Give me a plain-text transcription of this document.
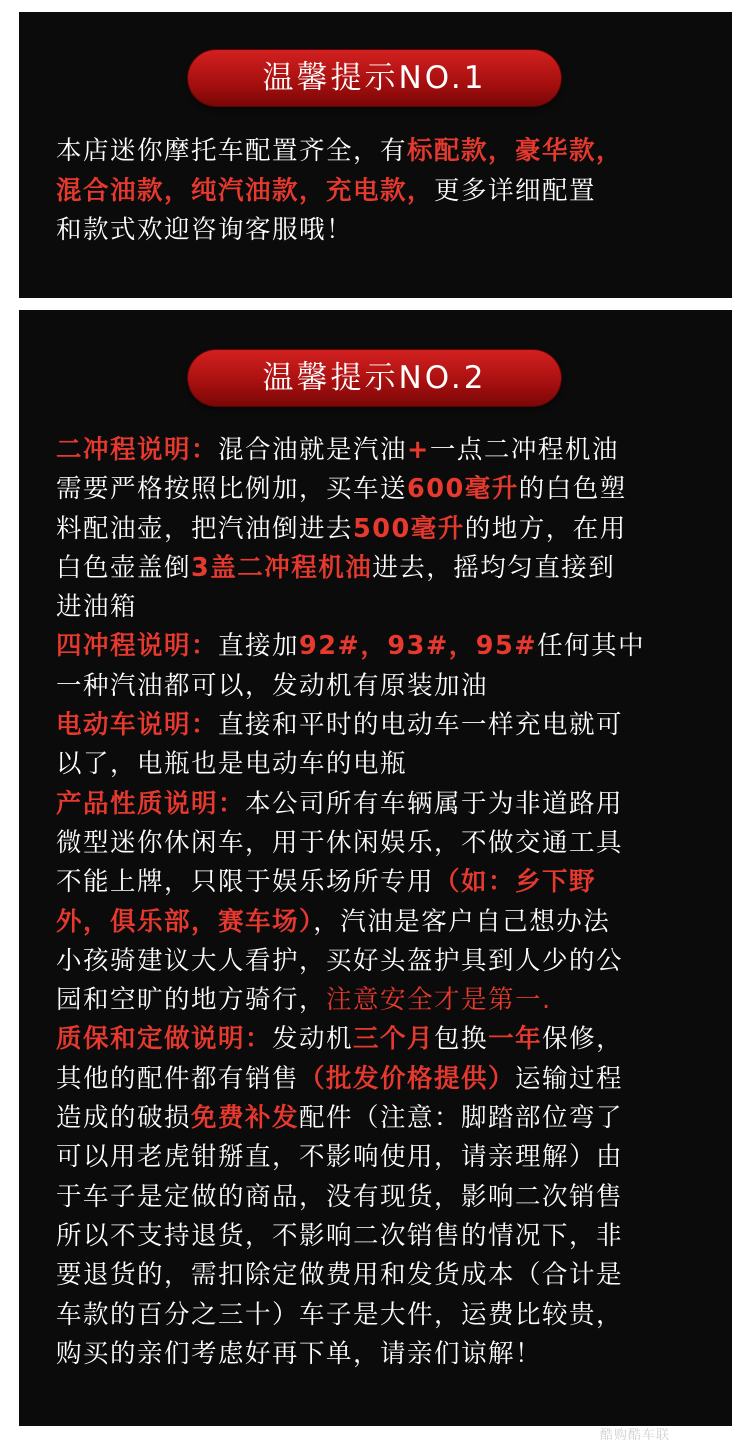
温馨提示NO.1
本店迷你摩托车配置齐全，有标配款，豪华款，
混合油款，纯汽油款，充电款，更多详细配置
和款式欢迎咨询客服哦！
温馨提示NO.2
二冲程说明：混合油就是汽油+一点二冲程机油
需要严格按照比例加，买车送600毫升的白色塑
料配油壶，把汽油倒进去500毫升的地方，在用
白色壶盖倒3盖二冲程机油进去，摇均匀直接到
进油箱
四冲程说明：直接加92#，93#，95#任何其中
一种汽油都可以，发动机有原装加油
电动车说明：直接和平时的电动车一样充电就可
以了，电瓶也是电动车的电瓶
产品性质说明：本公司所有车辆属于为非道路用
微型迷你休闲车，用于休闲娱乐，不做交通工具
不能上牌，只限于娱乐场所专用（如：乡下野
外，俱乐部，赛车场），汽油是客户自己想办法
小孩骑建议大人看护，买好头盔护具到人少的公
园和空旷的地方骑行，注意安全才是第一.
质保和定做说明：发动机三个月包换一年保修，
其他的配件都有销售（批发价格提供）运输过程
造成的破损免费补发配件（注意：脚踏部位弯了
可以用老虎钳掰直，不影响使用，请亲理解）由
于车子是定做的商品，没有现货，影响二次销售
所以不支持退货，不影响二次销售的情况下，非
要退货的，需扣除定做费用和发货成本（合计是
车款的百分之三十）车子是大件，运费比较贵，
购买的亲们考虑好再下单，请亲们谅解！
酷购酷车联
